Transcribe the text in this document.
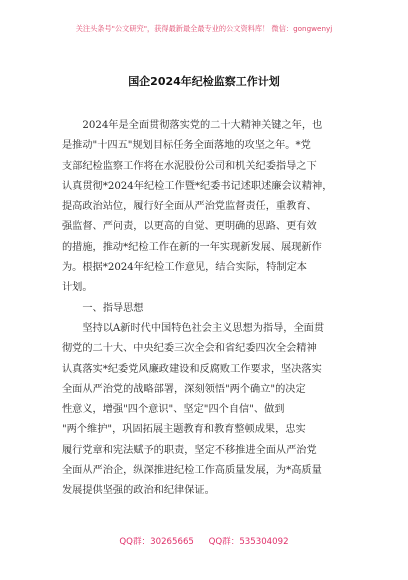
关注头条号"公文研究"，获得最新最全最专业的公文资料库！ 微信：gongwenyj
国企2024年纪检监察工作计划
　　2024年是全面贯彻落实党的二十大精神关键之年，也
是推动"十四五"规划目标任务全面落地的攻坚之年。*党
支部纪检监察工作将在水泥股份公司和机关纪委指导之下
认真贯彻*2024年纪检工作暨*纪委书记述职述廉会议精神，
提高政治站位，履行好全面从严治党监督责任，重教育、
强监督、严问责，以更高的自觉、更明确的思路、更有效
的措施，推动*纪检工作在新的一年实现新发展、展现新作
为。根据*2024年纪检工作意见，结合实际，特制定本
计划。
　　一、指导思想
　　坚持以A新时代中国特色社会主义思想为指导，全面贯
彻党的二十大、中央纪委三次全会和省纪委四次全会精神
认真落实*纪委党风廉政建设和反腐败工作要求，坚决落实
全面从严治党的战略部署，深刻领悟"两个确立"的决定
性意义，增强"四个意识"、坚定"四个自信"、做到
"两个维护"，巩固拓展主题教育和教育整顿成果，忠实
履行党章和宪法赋予的职责，坚定不移推进全面从严治党
全面从严治企，纵深推进纪检工作高质量发展，为*高质量
发展提供坚强的政治和纪律保证。
QQ群：30265665 QQ群：535304092
